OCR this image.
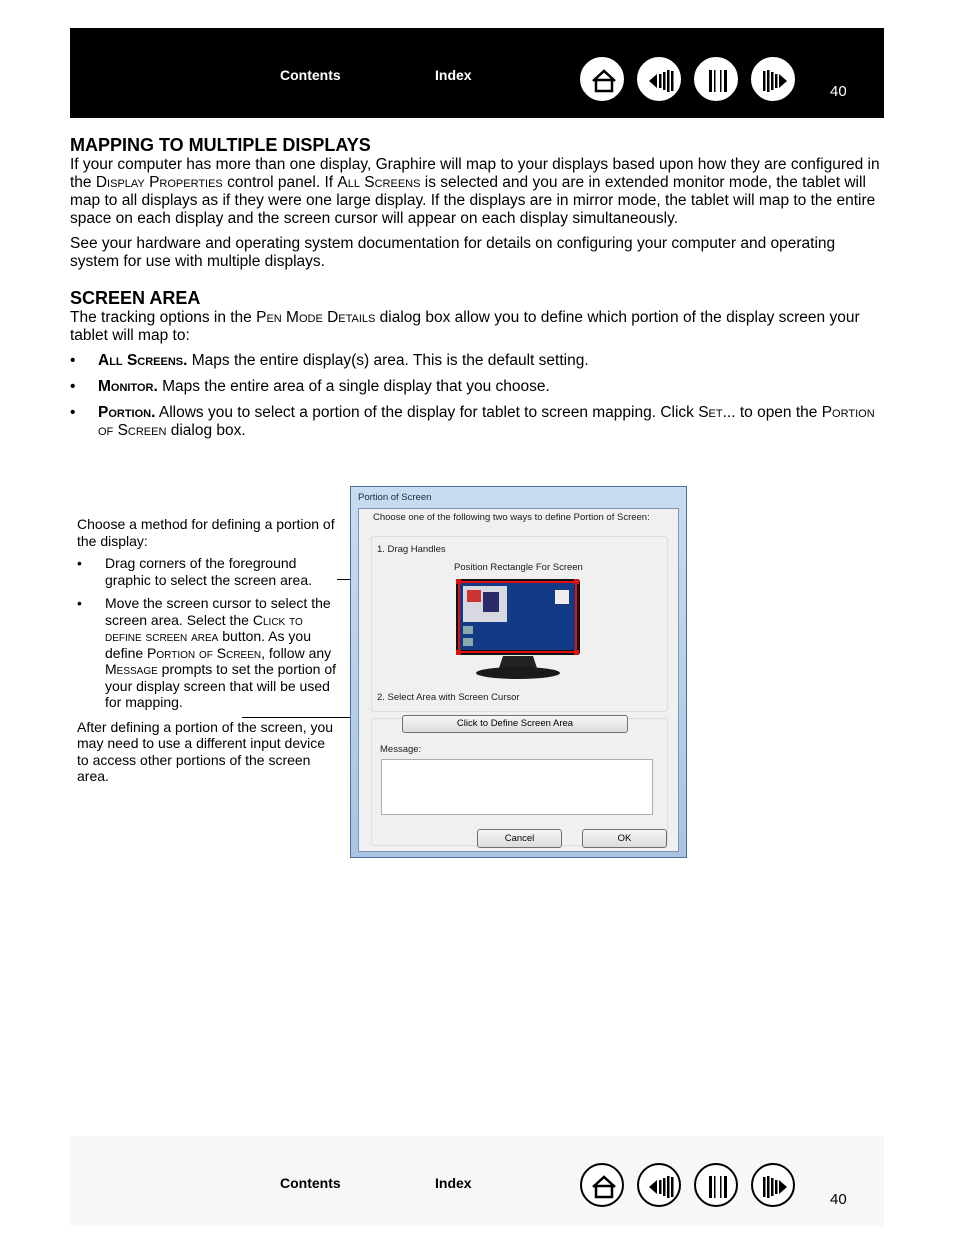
Contents	Index
40
MAPPING TO MULTIPLE DISPLAYS

If your computer has more than one display, Graphire will map to your displays based upon how they are configured in the Display Properties control panel. If All Screens is selected and you are in extended monitor mode, the tablet will map to all displays as if they were one large display. If the displays are in mirror mode, the tablet will map to the entire space on each display and the screen cursor will appear on each display simultaneously.

See your hardware and operating system documentation for details on configuring your computer and operating system for use with multiple displays.

SCREEN AREA

The tracking options in the Pen Mode Details dialog box allow you to define which portion of the display screen your tablet will map to:

• All Screens. Maps the entire display(s) area. This is the default setting.
• Monitor. Maps the entire area of a single display that you choose.
• Portion. Allows you to select a portion of the display for tablet to screen mapping. Click Set... to open the Portion of Screen dialog box.

Choose a method for defining a portion of the display:

• Drag corners of the foreground graphic to select the screen area.
• Move the screen cursor to select the screen area. Select the Click to define screen area button. As you define Portion of Screen, follow any Message prompts to set the portion of your display screen that will be used for mapping.

After defining a portion of the screen, you may need to use a different input device to access other portions of the screen area.

Portion of Screen
Choose one of the following two ways to define Portion of Screen:
1. Drag Handles
Position Rectangle For Screen
2. Select Area with Screen Cursor
Click to Define Screen Area
Message:
Cancel	OK
Contents	Index
40
